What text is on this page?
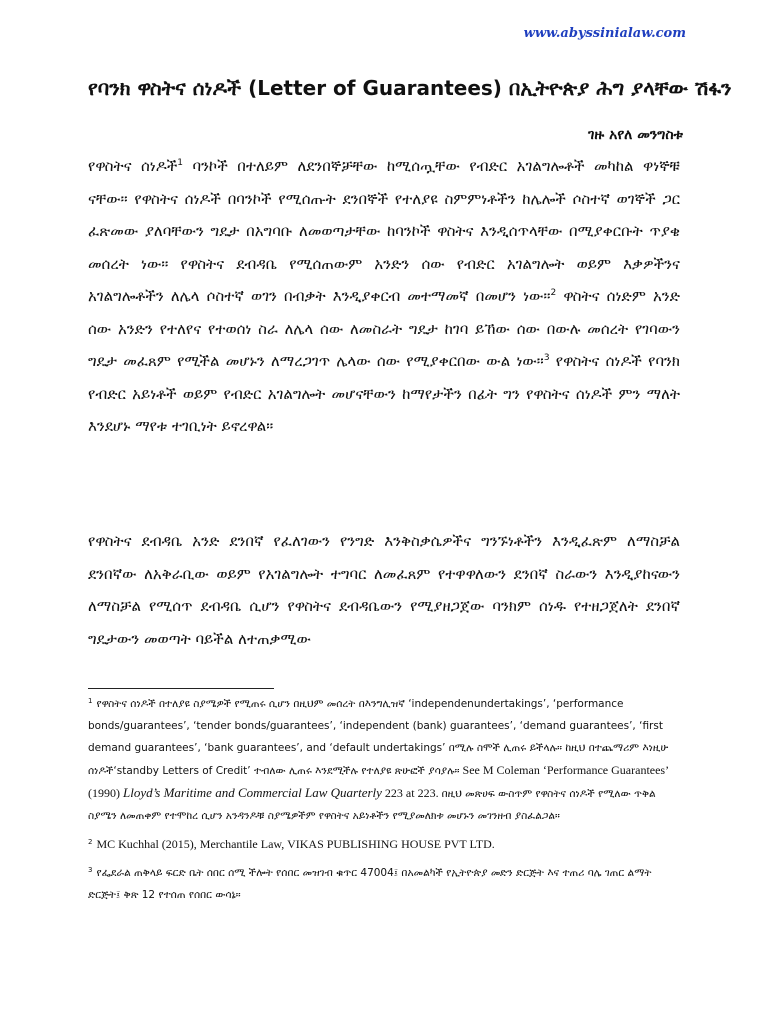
www.abyssinialaw.com
የባንክ ዋስትና ሰነዶች (Letter of Guarantees) በኢትዮጵያ ሕግ ያላቸው ሽፋን
ገዙ አየለ መንግስቱ

የዋስትና ሰነዶች$^1$ ባንኮች በተለይም ለደንበኞቻቸው ከሚሰጧቸው የብድር አገልግሎቶች መካከል ዋነኞቹ ናቸው። የዋስትና ሰነዶች በባንኮች የሚሰጡት ደንበኞች የተለያዩ ስምምነቶችን ከሌሎች ሶስተኛ ወገኞች ጋር ፈጽመው ያለባቸውን ግዴታ በአግባቡ ለመወጣታቸው ከባንኮች ዋስትና እንዲሰጥላቸው በሚያቀርቡት ጥያቄ መሰረት ነው። የዋስትና ደብዳቤ የሚሰጠውም አንድን ሰው የብድር አገልግሎት ወይም እቃዎችንና አገልግሎቶችን ለሌላ ሶስተኛ ወገን በብቃት እንዲያቀርብ መተማመኛ በመሆን ነው።$^2$ ዋስትና ሰነድም አንድ ሰው አንድን የተለየና የተወሰነ ስራ ለሌላ ሰው ለመስራት ግዴታ ከገባ ይኸው ሰው በውሉ መሰረት የገባውን ግዴታ መፈጸም የሚችል መሆኑን ለማረጋገጥ ሌላው ሰው የሚያቀርበው ውል ነው።$^3$ የዋስትና ሰነዶች የባንክ የብድር አይነቶች ወይም የብድር አገልግሎት መሆናቸውን ከማየታችን በፊት ግን የዋስትና ሰነዶች ምን ማለት እንደሆኑ ማየቱ ተገቢነት ይኖረዋል።

የዋስትና ደብዳቤ አንድ ደንበኛ የፈለገውን የንግድ እንቅስቃሴዎችና ግንኙነቶችን እንዲፈጽም ለማስቻል ደንበኛው ለአቅራቢው ወይም የአገልግሎት ተግባር ለመፈጸም የተዋዋለውን ደንበኛ ስራውን እንዲያከናውን ለማስቻል የሚሰጥ ደብዳቤ ሲሆን የዋስትና ደብዳቤውን የሚያዘጋጀው ባንክም ሰነዱ የተዘጋጀለት ደንበኛ ግዴታውን መወጣት ባይችል ለተጠቃሚው

$^1$ የዋስትና ሰነዶች በተለያዩ ስያሜዎች የሚጠሩ ሲሆን በዚህም መሰረት በእንግሊዝኛ ‘independenundertakings’, ‘performance bonds/guarantees’, ‘tender bonds/guarantees’, ‘independent (bank) guarantees’, ‘demand guarantees’, ‘first demand guarantees’, ‘bank guarantees’, and ‘default undertakings’ በሚሉ ስሞች ሊጠሩ ይችላሉ። ከዚህ በተጨማሪም እነዚሁ ሰነዶች‘standby Letters of Credit’ ተብለው ሊጠሩ እንደሚችሉ የተለያዩ ጽሁፎች ያሳያሉ። See M Coleman ‘Performance Guarantees’ (1990) Lloyd’s Maritime and Commercial Law Quarterly 223 at 223. በዚህ መጽሀፍ ውስጥም የዋስትና ሰነዶች የሚለው ጥቅል ስያሜን ለመጠቀም የተሞከረ ሲሆን አንዳንዶቹ ስያሜዎችም የዋስትና አይነቶችን የሚያመለክቱ መሆኑን መገንዘብ ያስፈልጋል።

$^2$ MC Kuchhal (2015), Merchantile Law, VIKAS PUBLISHING HOUSE PVT LTD.

$^3$ የፌደራል ጠቅላይ ፍርድ ቤት ሰበር ሰሚ ችሎት የሰበር መዝገብ ቁጥር 47004፤ በአመልካች የኢትዮጵያ መድን ድርጅት እና ተጠሪ ባሌ ገጠር ልማት ድርጅት፤ ቅጽ 12 የተሰጠ የሰበር ውሳኔ።
